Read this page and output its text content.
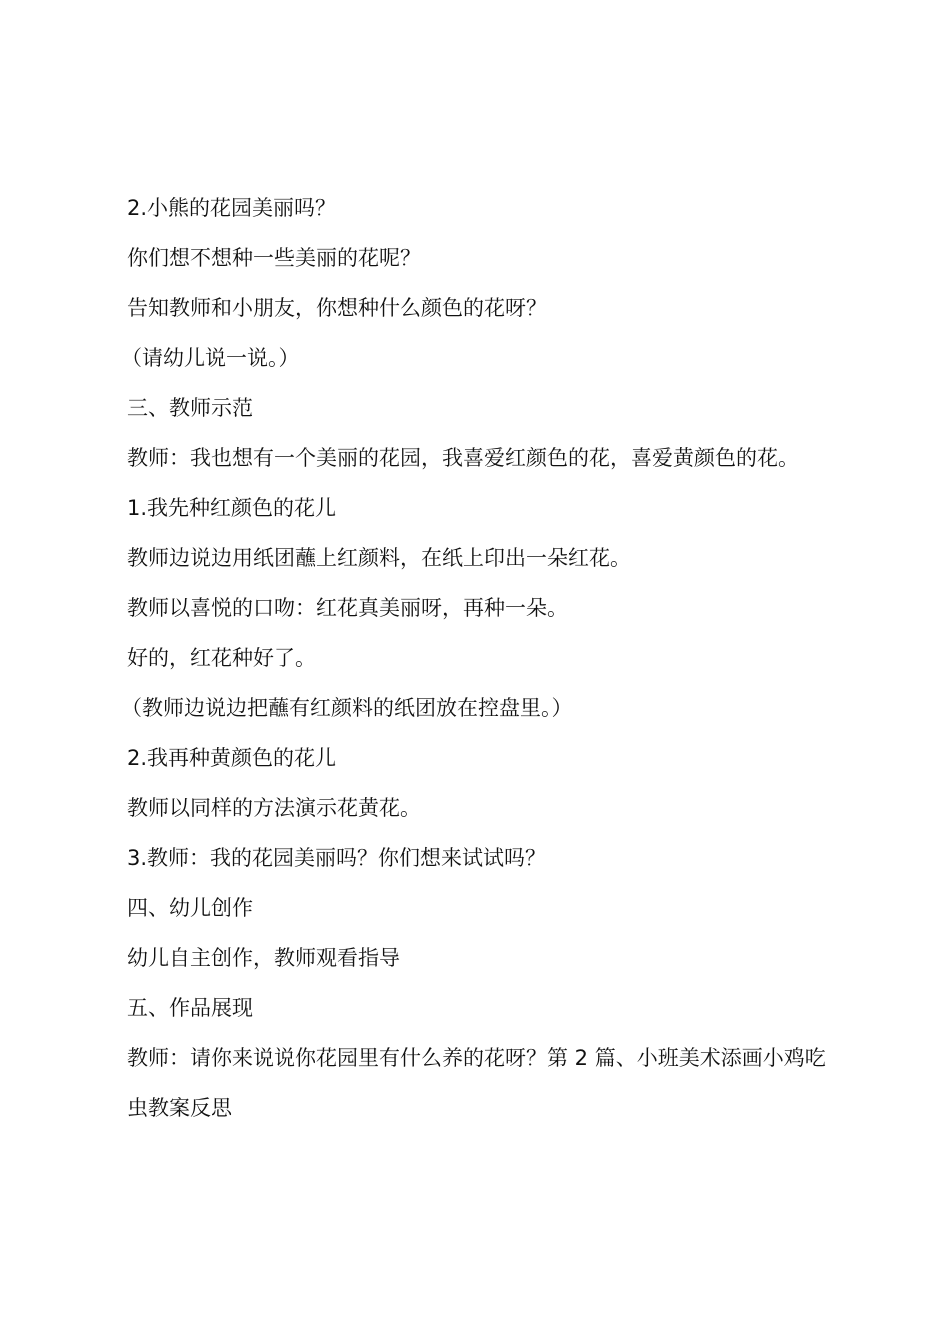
2.小熊的花园美丽吗？

你们想不想种一些美丽的花呢？

告知教师和小朋友，你想种什么颜色的花呀？

（请幼儿说一说。）

三、教师示范

教师：我也想有一个美丽的花园，我喜爱红颜色的花，喜爱黄颜色的花。

1.我先种红颜色的花儿

教师边说边用纸团蘸上红颜料，在纸上印出一朵红花。

教师以喜悦的口吻：红花真美丽呀，再种一朵。

好的，红花种好了。

（教师边说边把蘸有红颜料的纸团放在控盘里。）

2.我再种黄颜色的花儿

教师以同样的方法演示花黄花。

3.教师：我的花园美丽吗？你们想来试试吗？

四、幼儿创作

幼儿自主创作，教师观看指导

五、作品展现

教师：请你来说说你花园里有什么养的花呀？第 2 篇、小班美术添画小鸡吃虫教案反思
